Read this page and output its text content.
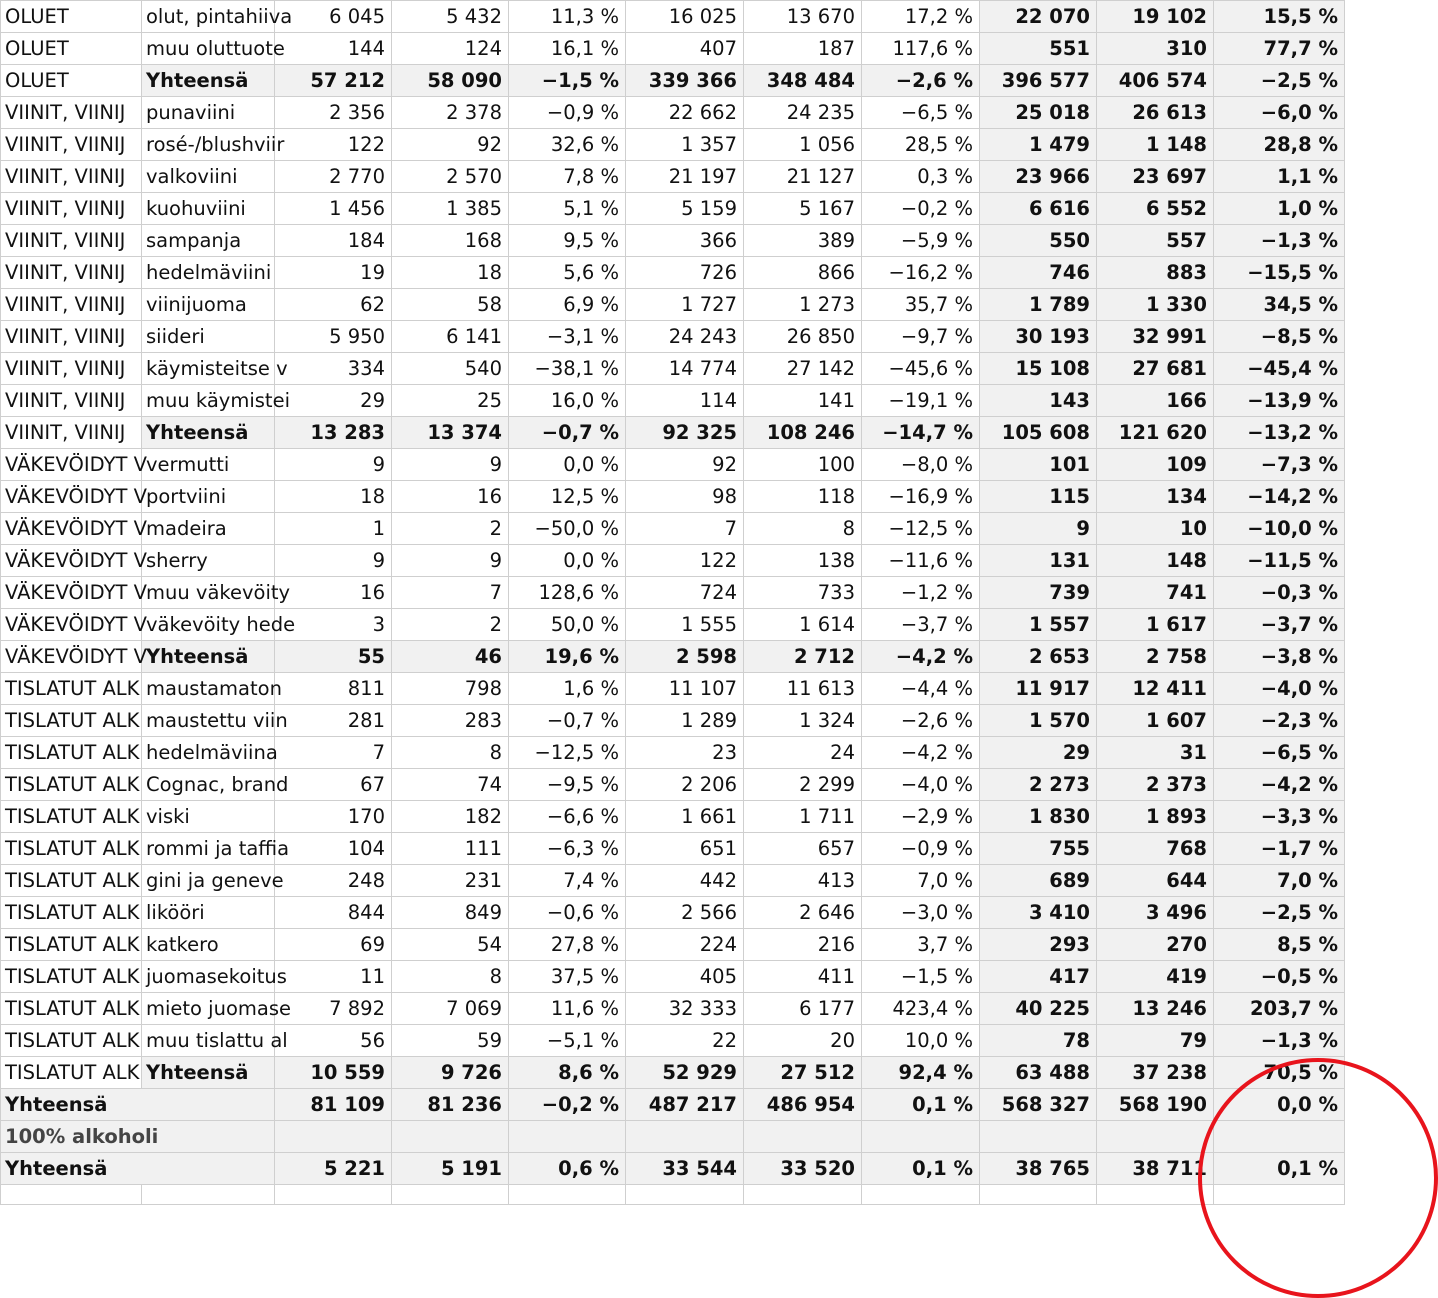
OLUET	olut, pintahiiva	6 045	5 432	11,3 %	16 025	13 670	17,2 %	22 070	19 102	15,5 %
OLUET	muu oluttuote	144	124	16,1 %	407	187	117,6 %	551	310	77,7 %
OLUET	Yhteensä	57 212	58 090	−1,5 %	339 366	348 484	−2,6 %	396 577	406 574	−2,5 %
VIINIT, VIINIJ	punaviini	2 356	2 378	−0,9 %	22 662	24 235	−6,5 %	25 018	26 613	−6,0 %
VIINIT, VIINIJ	rosé-/blushviir	122	92	32,6 %	1 357	1 056	28,5 %	1 479	1 148	28,8 %
VIINIT, VIINIJ	valkoviini	2 770	2 570	7,8 %	21 197	21 127	0,3 %	23 966	23 697	1,1 %
VIINIT, VIINIJ	kuohuviini	1 456	1 385	5,1 %	5 159	5 167	−0,2 %	6 616	6 552	1,0 %
VIINIT, VIINIJ	sampanja	184	168	9,5 %	366	389	−5,9 %	550	557	−1,3 %
VIINIT, VIINIJ	hedelmäviini	19	18	5,6 %	726	866	−16,2 %	746	883	−15,5 %
VIINIT, VIINIJ	viinijuoma	62	58	6,9 %	1 727	1 273	35,7 %	1 789	1 330	34,5 %
VIINIT, VIINIJ	siideri	5 950	6 141	−3,1 %	24 243	26 850	−9,7 %	30 193	32 991	−8,5 %
VIINIT, VIINIJ	käymisteitse v	334	540	−38,1 %	14 774	27 142	−45,6 %	15 108	27 681	−45,4 %
VIINIT, VIINIJ	muu käymistei	29	25	16,0 %	114	141	−19,1 %	143	166	−13,9 %
VIINIT, VIINIJ	Yhteensä	13 283	13 374	−0,7 %	92 325	108 246	−14,7 %	105 608	121 620	−13,2 %
VÄKEVÖIDYT V	vermutti	9	9	0,0 %	92	100	−8,0 %	101	109	−7,3 %
VÄKEVÖIDYT V	portviini	18	16	12,5 %	98	118	−16,9 %	115	134	−14,2 %
VÄKEVÖIDYT V	madeira	1	2	−50,0 %	7	8	−12,5 %	9	10	−10,0 %
VÄKEVÖIDYT V	sherry	9	9	0,0 %	122	138	−11,6 %	131	148	−11,5 %
VÄKEVÖIDYT V	muu väkevöity	16	7	128,6 %	724	733	−1,2 %	739	741	−0,3 %
VÄKEVÖIDYT V	väkevöity hede	3	2	50,0 %	1 555	1 614	−3,7 %	1 557	1 617	−3,7 %
VÄKEVÖIDYT V	Yhteensä	55	46	19,6 %	2 598	2 712	−4,2 %	2 653	2 758	−3,8 %
TISLATUT ALK	maustamaton	811	798	1,6 %	11 107	11 613	−4,4 %	11 917	12 411	−4,0 %
TISLATUT ALK	maustettu viin	281	283	−0,7 %	1 289	1 324	−2,6 %	1 570	1 607	−2,3 %
TISLATUT ALK	hedelmäviina	7	8	−12,5 %	23	24	−4,2 %	29	31	−6,5 %
TISLATUT ALK	Cognac, brand	67	74	−9,5 %	2 206	2 299	−4,0 %	2 273	2 373	−4,2 %
TISLATUT ALK	viski	170	182	−6,6 %	1 661	1 711	−2,9 %	1 830	1 893	−3,3 %
TISLATUT ALK	rommi ja taffia	104	111	−6,3 %	651	657	−0,9 %	755	768	−1,7 %
TISLATUT ALK	gini ja geneve	248	231	7,4 %	442	413	7,0 %	689	644	7,0 %
TISLATUT ALK	likööri	844	849	−0,6 %	2 566	2 646	−3,0 %	3 410	3 496	−2,5 %
TISLATUT ALK	katkero	69	54	27,8 %	224	216	3,7 %	293	270	8,5 %
TISLATUT ALK	juomasekoitus	11	8	37,5 %	405	411	−1,5 %	417	419	−0,5 %
TISLATUT ALK	mieto juomase	7 892	7 069	11,6 %	32 333	6 177	423,4 %	40 225	13 246	203,7 %
TISLATUT ALK	muu tislattu al	56	59	−5,1 %	22	20	10,0 %	78	79	−1,3 %
TISLATUT ALK	Yhteensä	10 559	9 726	8,6 %	52 929	27 512	92,4 %	63 488	37 238	70,5 %
Yhteensä		81 109	81 236	−0,2 %	487 217	486 954	0,1 %	568 327	568 190	0,0 %
100% alkoholi										
Yhteensä		5 221	5 191	0,6 %	33 544	33 520	0,1 %	38 765	38 711	0,1 %
